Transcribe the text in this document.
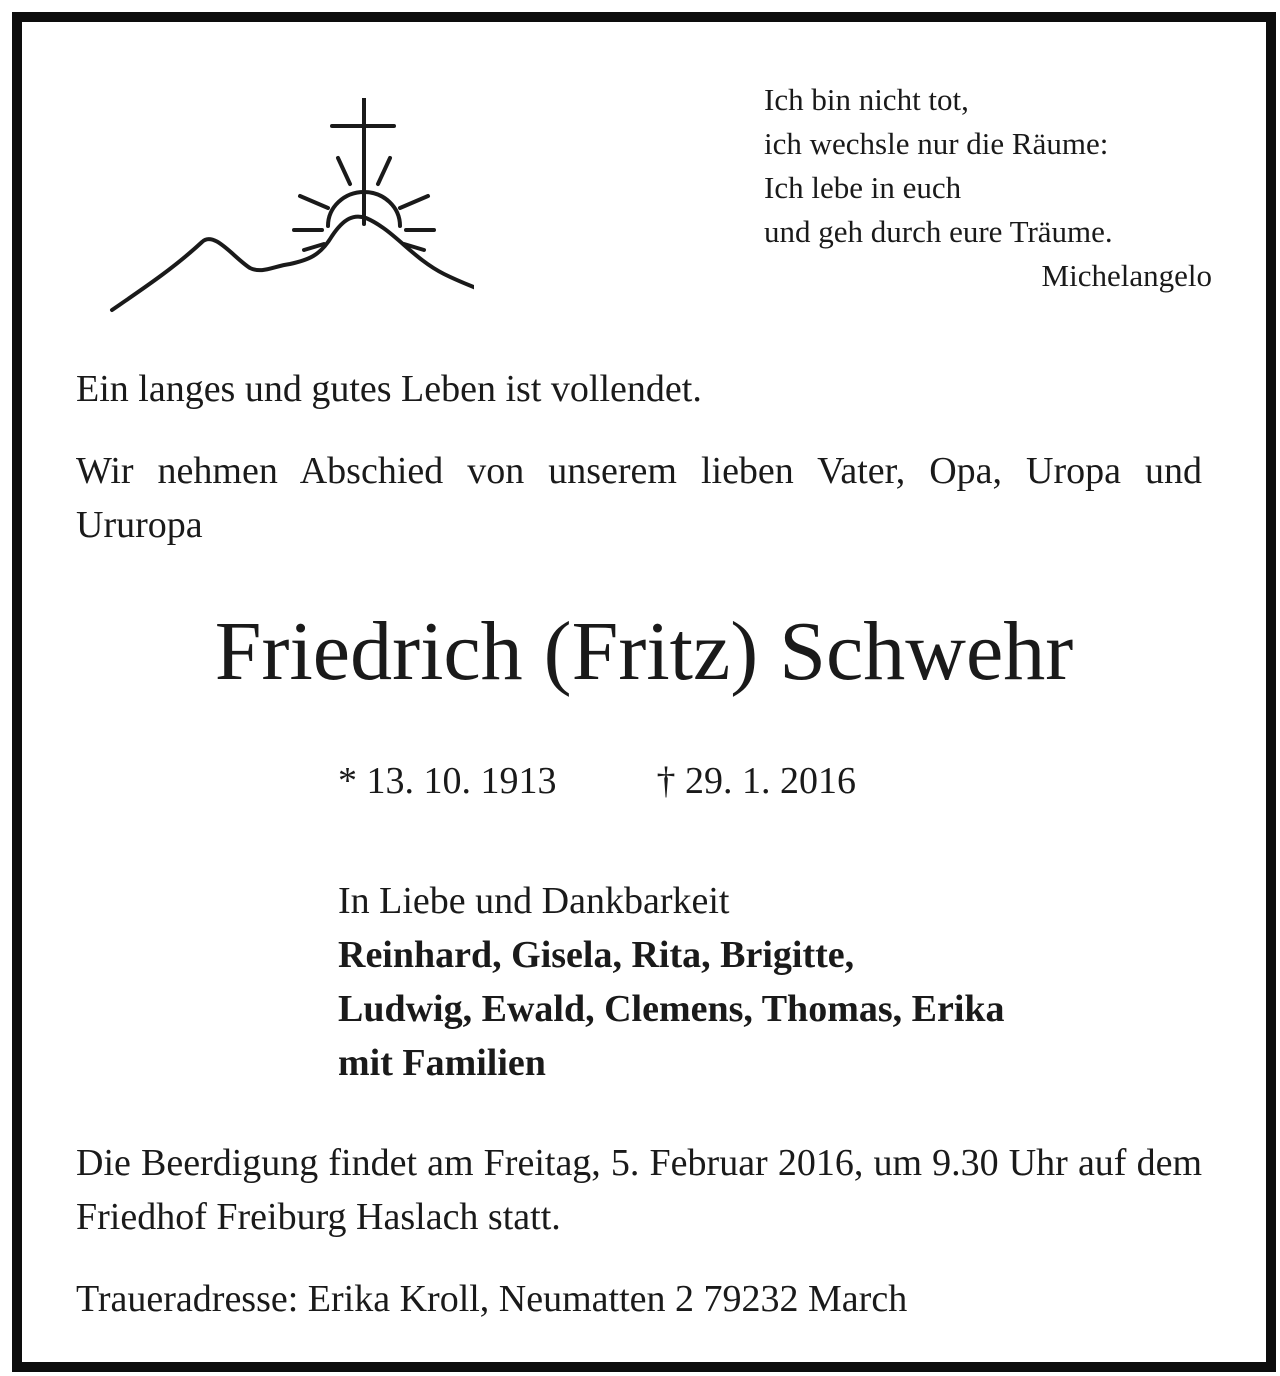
Ich bin nicht tot,
ich wechsle nur die Räume:
Ich lebe in euch
und geh durch eure Träume.
Michelangelo
Ein langes und gutes Leben ist vollendet.
Wir nehmen Abschied von unserem lieben Vater, Opa, Uropa und Ururopa
Friedrich (Fritz) Schwehr
* 13. 10. 1913	† 29. 1. 2016
In Liebe und Dankbarkeit
Reinhard, Gisela, Rita, Brigitte,
Ludwig, Ewald, Clemens, Thomas, Erika
mit Familien
Die Beerdigung findet am Freitag, 5. Februar 2016, um 9.30 Uhr auf dem Friedhof Freiburg Haslach statt.
Traueradresse: Erika Kroll, Neumatten 2 79232 March
